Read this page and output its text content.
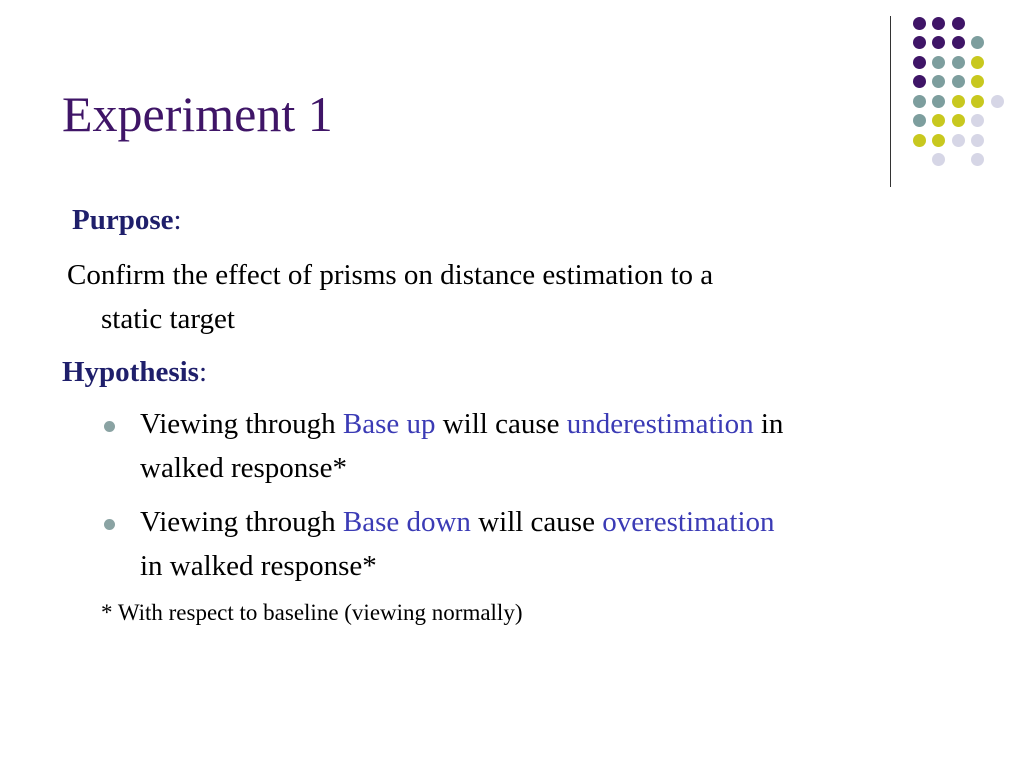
Experiment 1
Purpose:
Confirm the effect of prisms on distance estimation to a
static target
Hypothesis:
Viewing through Base up will cause underestimation in
walked response*
Viewing through Base down will cause overestimation
in walked response*
* With respect to baseline (viewing normally)
